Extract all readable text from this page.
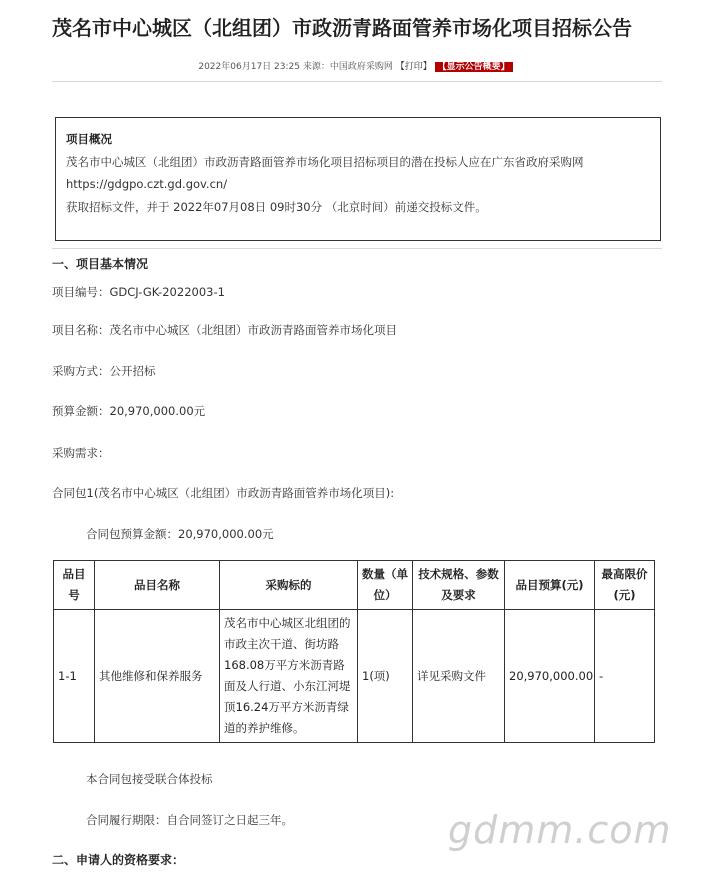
茂名市中心城区（北组团）市政沥青路面管养市场化项目招标公告
2022年06月17日 23:25 来源：中国政府采购网 【打印】 【显示公告概要】
项目概况
茂名市中心城区（北组团）市政沥青路面管养市场化项目招标项目的潜在投标人应在广东省政府采购网
https://gdgpo.czt.gd.gov.cn/
获取招标文件，并于 2022年07月08日 09时30分 （北京时间）前递交投标文件。
一、项目基本情况
项目编号：GDCJ-GK-2022003-1
项目名称：茂名市中心城区（北组团）市政沥青路面管养市场化项目
采购方式：公开招标
预算金额：20,970,000.00元
采购需求：
合同包1(茂名市中心城区（北组团）市政沥青路面管养市场化项目):
合同包预算金额：20,970,000.00元
品目号	品目名称	采购标的	数量（单位）	技术规格、参数及要求	品目预算(元)	最高限价(元)
1-1	其他维修和保养服务	茂名市中心城区北组团的市政主次干道、街坊路168.08万平方米沥青路面及人行道、小东江河堤顶16.24万平方米沥青绿道的养护维修。	1(项)	详见采购文件	20,970,000.00	-
本合同包接受联合体投标
合同履行期限：自合同签订之日起三年。
二、申请人的资格要求：
gdmm.com
